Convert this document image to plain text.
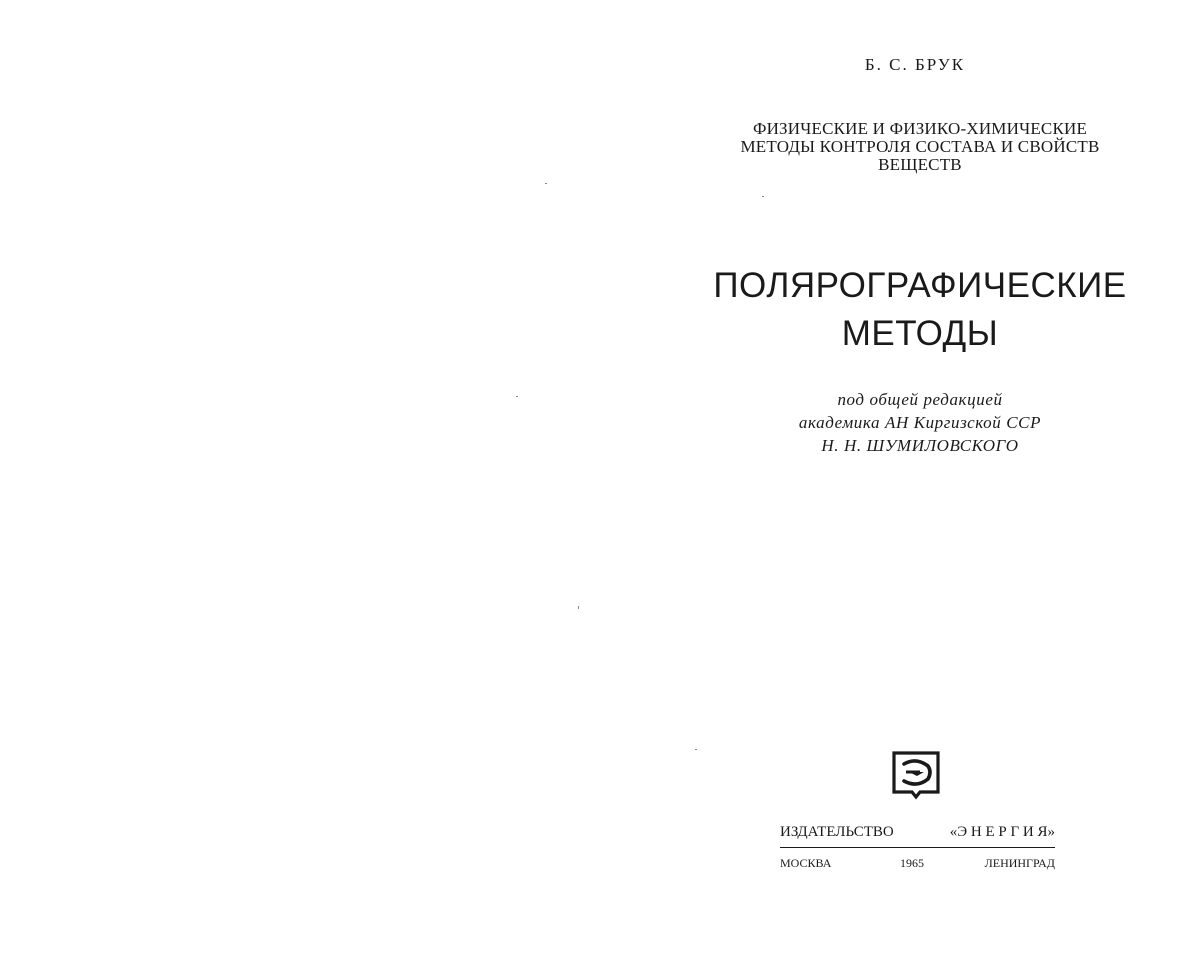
Б. С. БРУК
ФИЗИЧЕСКИЕ И ФИЗИКО-ХИМИЧЕСКИЕ
МЕТОДЫ КОНТРОЛЯ СОСТАВА И СВОЙСТВ
ВЕЩЕСТВ
ПОЛЯРОГРАФИЧЕСКИЕ
МЕТОДЫ
под общей редакцией
академика АН Киргизской ССР
Н. Н. ШУМИЛОВСКОГО
ИЗДАТЕЛЬСТВО	«Э Н Е Р Г И Я»
МОСКВА	1965	ЛЕНИНГРАД
